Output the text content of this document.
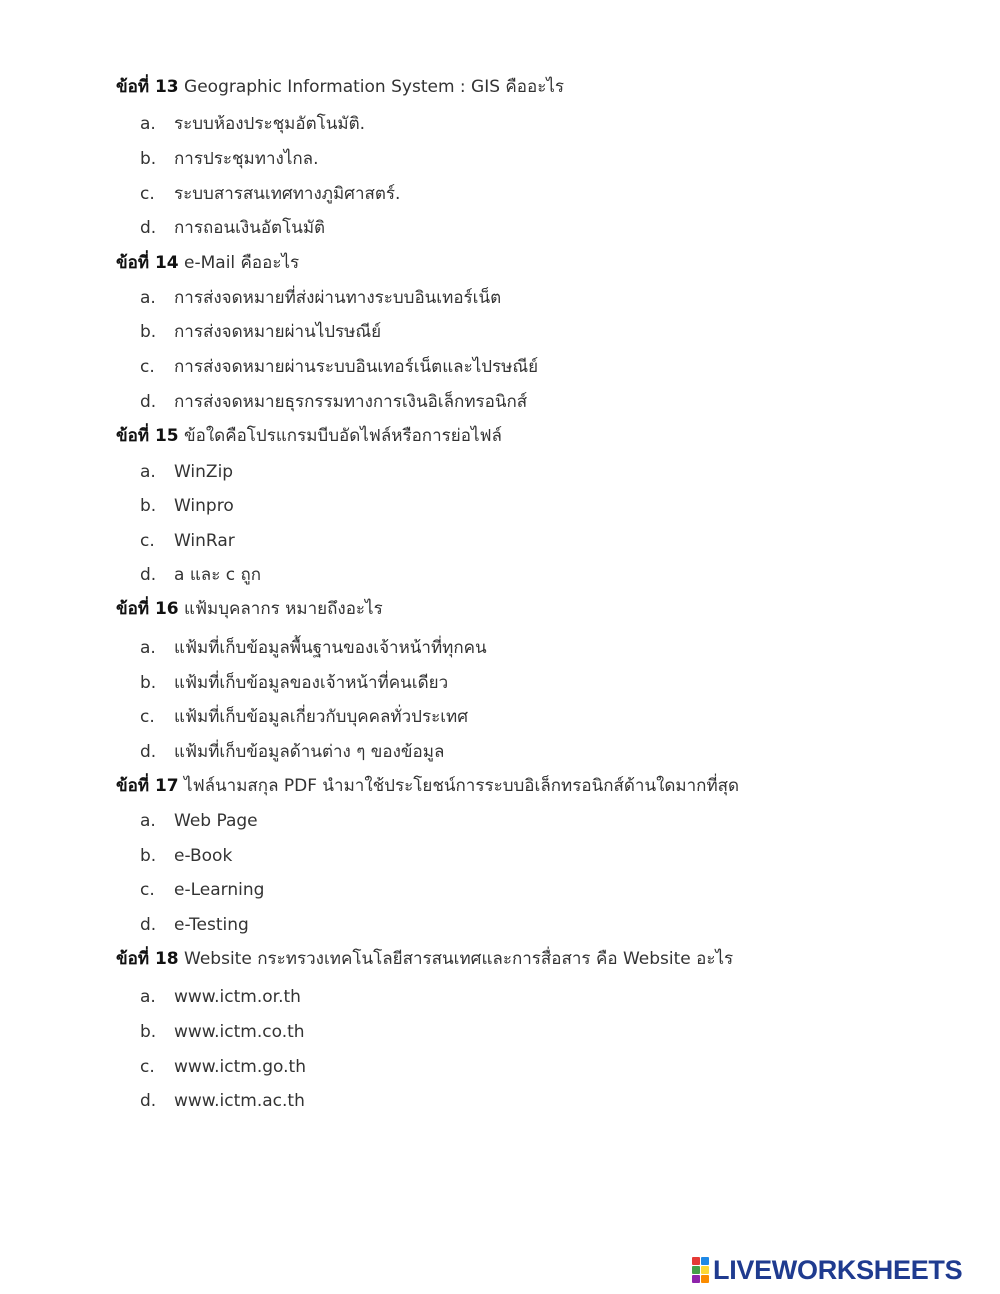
ข้อที่ 13 Geographic Information System : GIS คืออะไร
a. ระบบห้องประชุมอัตโนมัติ.
b. การประชุมทางไกล.
c. ระบบสารสนเทศทางภูมิศาสตร์.
d. การถอนเงินอัตโนมัติ
ข้อที่ 14 e-Mail คืออะไร
a. การส่งจดหมายที่ส่งผ่านทางระบบอินเทอร์เน็ต
b. การส่งจดหมายผ่านไปรษณีย์
c. การส่งจดหมายผ่านระบบอินเทอร์เน็ตและไปรษณีย์
d. การส่งจดหมายธุรกรรมทางการเงินอิเล็กทรอนิกส์
ข้อที่ 15 ข้อใดคือโปรแกรมบีบอัดไฟล์หรือการย่อไฟล์
a. WinZip
b. Winpro
c. WinRar
d. a และ c ถูก
ข้อที่ 16 แฟ้มบุคลากร หมายถึงอะไร
a. แฟ้มที่เก็บข้อมูลพื้นฐานของเจ้าหน้าที่ทุกคน
b. แฟ้มที่เก็บข้อมูลของเจ้าหน้าที่คนเดียว
c. แฟ้มที่เก็บข้อมูลเกี่ยวกับบุคคลทั่วประเทศ
d. แฟ้มที่เก็บข้อมูลด้านต่าง ๆ ของข้อมูล
ข้อที่ 17 ไฟล์นามสกุล PDF นำมาใช้ประโยชน์การระบบอิเล็กทรอนิกส์ด้านใดมากที่สุด
a. Web Page
b. e-Book
c. e-Learning
d. e-Testing
ข้อที่ 18 Website กระทรวงเทคโนโลยีสารสนเทศและการสื่อสาร คือ Website อะไร
a. www.ictm.or.th
b. www.ictm.co.th
c. www.ictm.go.th
d. www.ictm.ac.th
LIVEWORKSHEETS
